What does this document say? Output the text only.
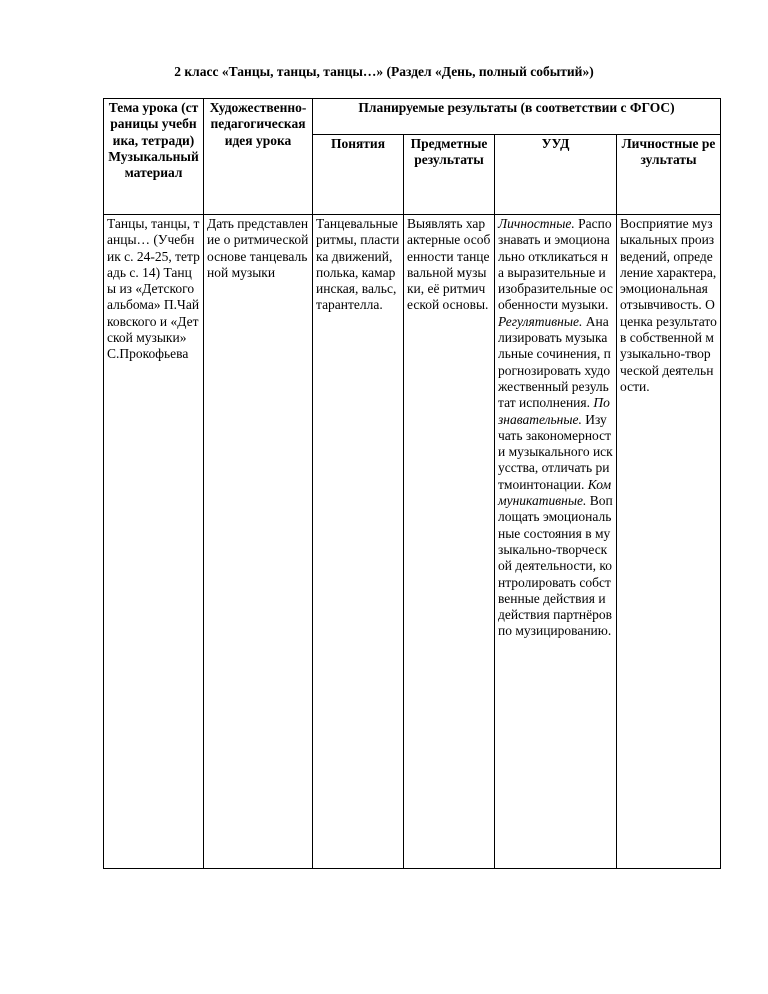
2 класс «Танцы, танцы, танцы…» (Раздел «День, полный событий»)
Тема урока (страницы учебника, тетради) Музыкальный материал	Художественно-педагогическая идея урока	Планируемые результаты (в соответствии с ФГОС)			
		Понятия	Предметные результаты	УУД	Личностные результаты
Танцы, танцы, танцы… (Учебник с. 24-25, тетрадь с. 14) Танцы из «Детского альбома» П.Чайковского и «Детской музыки» С.Прокофьева	Дать представление о ритмической основе танцевальной музыки	Танцевальные ритмы, пластика движений, полька, камаринская, вальс, тарантелла.	Выявлять характерные особенности танцевальной музыки, её ритмической основы.	Личностные. Распознавать и эмоционально откликаться на выразительные и изобразительные особенности музыки. Регулятивные. Анализировать музыкальные сочинения, прогнозировать художественный результат исполнения. Познавательные. Изучать закономерности музыкального искусства, отличать ритмоинтонации. Коммуникативные. Воплощать эмоциональные состояния в музыкально-творческой деятельности, контролировать собственные действия и действия партнёров по музицированию.	Восприятие музыкальных произведений, определение характера, эмоциональная отзывчивость. Оценка результатов собственной музыкально-творческой деятельности.
